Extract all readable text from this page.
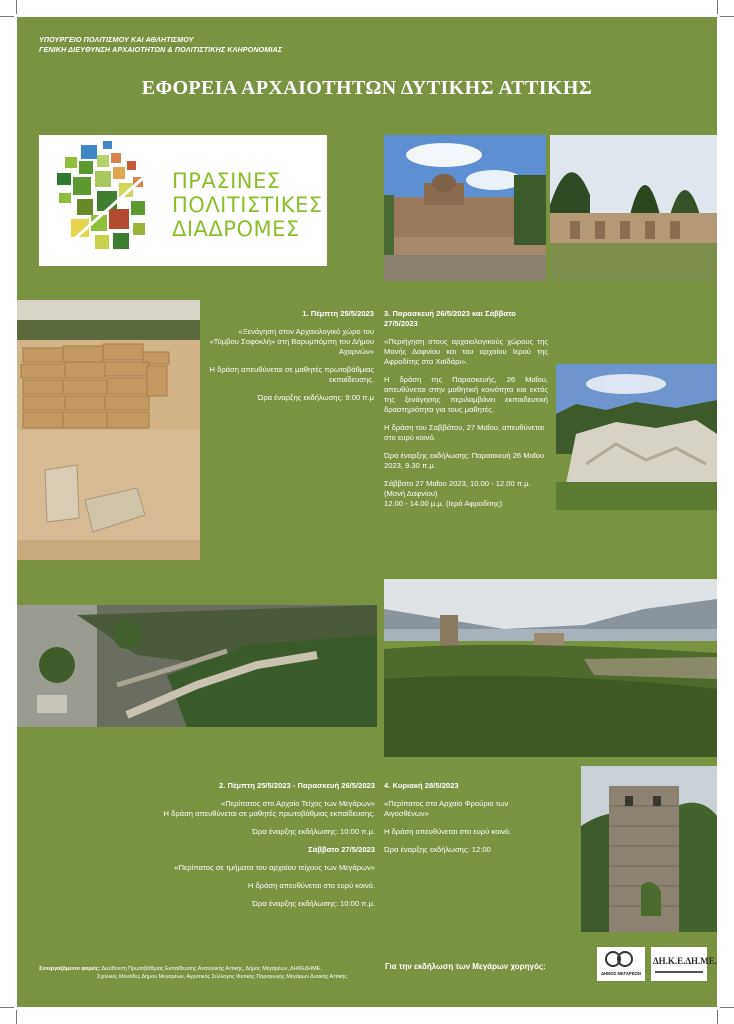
ΥΠΟΥΡΓΕΙΟ ΠΟΛΙΤΙΣΜΟΥ ΚΑΙ ΑΘΛΗΤΙΣΜΟΥ
ΓΕΝΙΚΗ ΔΙΕΥΘΥΝΣΗ ΑΡΧΑΙΟΤΗΤΩΝ & ΠΟΛΙΤΙΣΤΙΚΗΣ ΚΛΗΡΟΝΟΜΙΑΣ
ΕΦΟΡΕΙΑ ΑΡΧΑΙΟΤΗΤΩΝ ΔΥΤΙΚΗΣ ΑΤΤΙΚΗΣ
ΠΡΑΣΙΝΕΣ
ΠΟΛΙΤΙΣΤΙΚΕΣ
ΔΙΑΔΡΟΜΕΣ

1. Πέμπτη 25/5/2023

«Ξενάγηση στον Αρχαιολογικό χώρο του «Τύμβου Σοφοκλή» στη Βαρυμπόμπη του Δήμου Αχαρνών»

Η δράση απευθύνεται σε μαθητές πρωτοβάθμιας εκπαίδευσης.

Ώρα έναρξης εκδήλωσης: 9:00 π.μ

3. Παρασκευή 26/5/2023 και Σάββατο

27/5/2023

«Περιήγηση στους αρχαιολογικούς χώρους της Μονής Δαφνίου και του αρχαίου Ιερού της Αφροδίτης στο Χαϊδάρι».

Η δράση της Παρασκευής, 26 Μαΐου, απευθύνεται στην μαθητική κοινότητα και εκτός της ξενάγησης περιλαμβάνει εκπαιδευτική δραστηριότητα για τους μαθητές.

Η δράση του Σαββάτου, 27 Μαΐου, απευθύνεται στο ευρύ κοινό.

Ώρα έναρξης εκδήλωσης: Παρασκευή 26 Μαΐου 2023, 9.30 π.μ.

Σάββατο 27 Μαΐου 2023, 10.00 - 12.00 π.μ.

(Μονή Δαφνίου)

12.00 - 14.00 μ.μ. (Ιερό Αφροδίτης)

2. Πέμπτη 25/5/2023 - Παρασκευή 26/5/2023

«Περίπατος στο Αρχαίο Τείχος των Μεγάρων»

Η δράση απευθύνεται σε μαθητές πρωτοβάθμιας εκπαίδευσης.

Ώρα έναρξης εκδήλωσης: 10:00 π.μ.

Σάββατο 27/5/2023

«Περίπατος σε τμήματα του αρχαίου τείχους των Μεγάρων»

Η δράση απευθύνεται στο ευρύ κοινό.

Ώρα έναρξης εκδήλωσης: 10:00 π.μ.

4. Κυριακή 28/5/2023

«Περίπατος στο Αρχαίο Φρούριο των Αιγοσθένων»

Η δράση απευθύνεται στο ευρύ κοινό.

Ώρα έναρξης εκδήλωσης: 12:00

Συνεργαζόμενοι φορείς: Διεύθυνση Πρωτοβάθμιας Εκπαίδευσης Ανατολικής Αττικής, Δήμος Μεγαρέων, ΔΗΚΕΔΗΜΕ,

Σχολικές Μονάδες Δήμου Μεγαρέων, Αγροτικός Σύλλογος Φυτικής Παραγωγής Μεγάρων Δυτικής Αττικής.

Για την εκδήλωση των Μεγάρων χορηγός:
ΔΗΜΟΣ ΜΕΓΑΡΕΩΝ
ΔΗ.Κ.Ε.ΔΗ.ΜΕ.
